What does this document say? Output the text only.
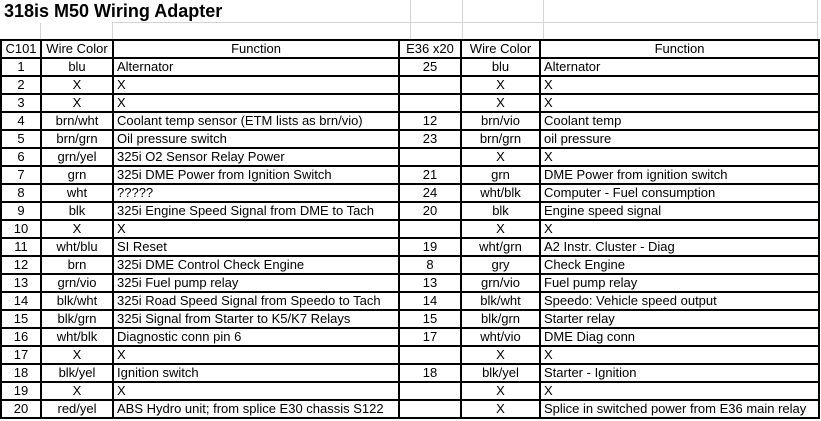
318is M50 Wiring Adapter
C101	Wire Color	Function	E36 x20	Wire Color	Function
1	blu	Alternator	25	blu	Alternator
2	X	X		X	X
3	X	X		X	X
4	brn/wht	Coolant temp sensor (ETM lists as brn/vio)	12	brn/vio	Coolant temp
5	brn/grn	Oil pressure switch	23	brn/grn	oil pressure
6	grn/yel	325i O2 Sensor Relay Power		X	X
7	grn	325i DME Power from Ignition Switch	21	grn	DME Power from ignition switch
8	wht	?????	24	wht/blk	Computer - Fuel consumption
9	blk	325i Engine Speed Signal from DME to Tach	20	blk	Engine speed signal
10	X	X		X	X
11	wht/blu	SI Reset	19	wht/grn	A2 Instr. Cluster - Diag
12	brn	325i DME Control Check Engine	8	gry	Check Engine
13	grn/vio	325i Fuel pump relay	13	grn/vio	Fuel pump relay
14	blk/wht	325i Road Speed Signal from Speedo to Tach	14	blk/wht	Speedo: Vehicle speed output
15	blk/grn	325i Signal from Starter to K5/K7 Relays	15	blk/grn	Starter relay
16	wht/blk	Diagnostic conn pin 6	17	wht/vio	DME Diag conn
17	X	X		X	X
18	blk/yel	Ignition switch	18	blk/yel	Starter - Ignition
19	X	X		X	X
20	red/yel	ABS Hydro unit; from splice E30 chassis S122		X	Splice in switched power from E36 main relay
